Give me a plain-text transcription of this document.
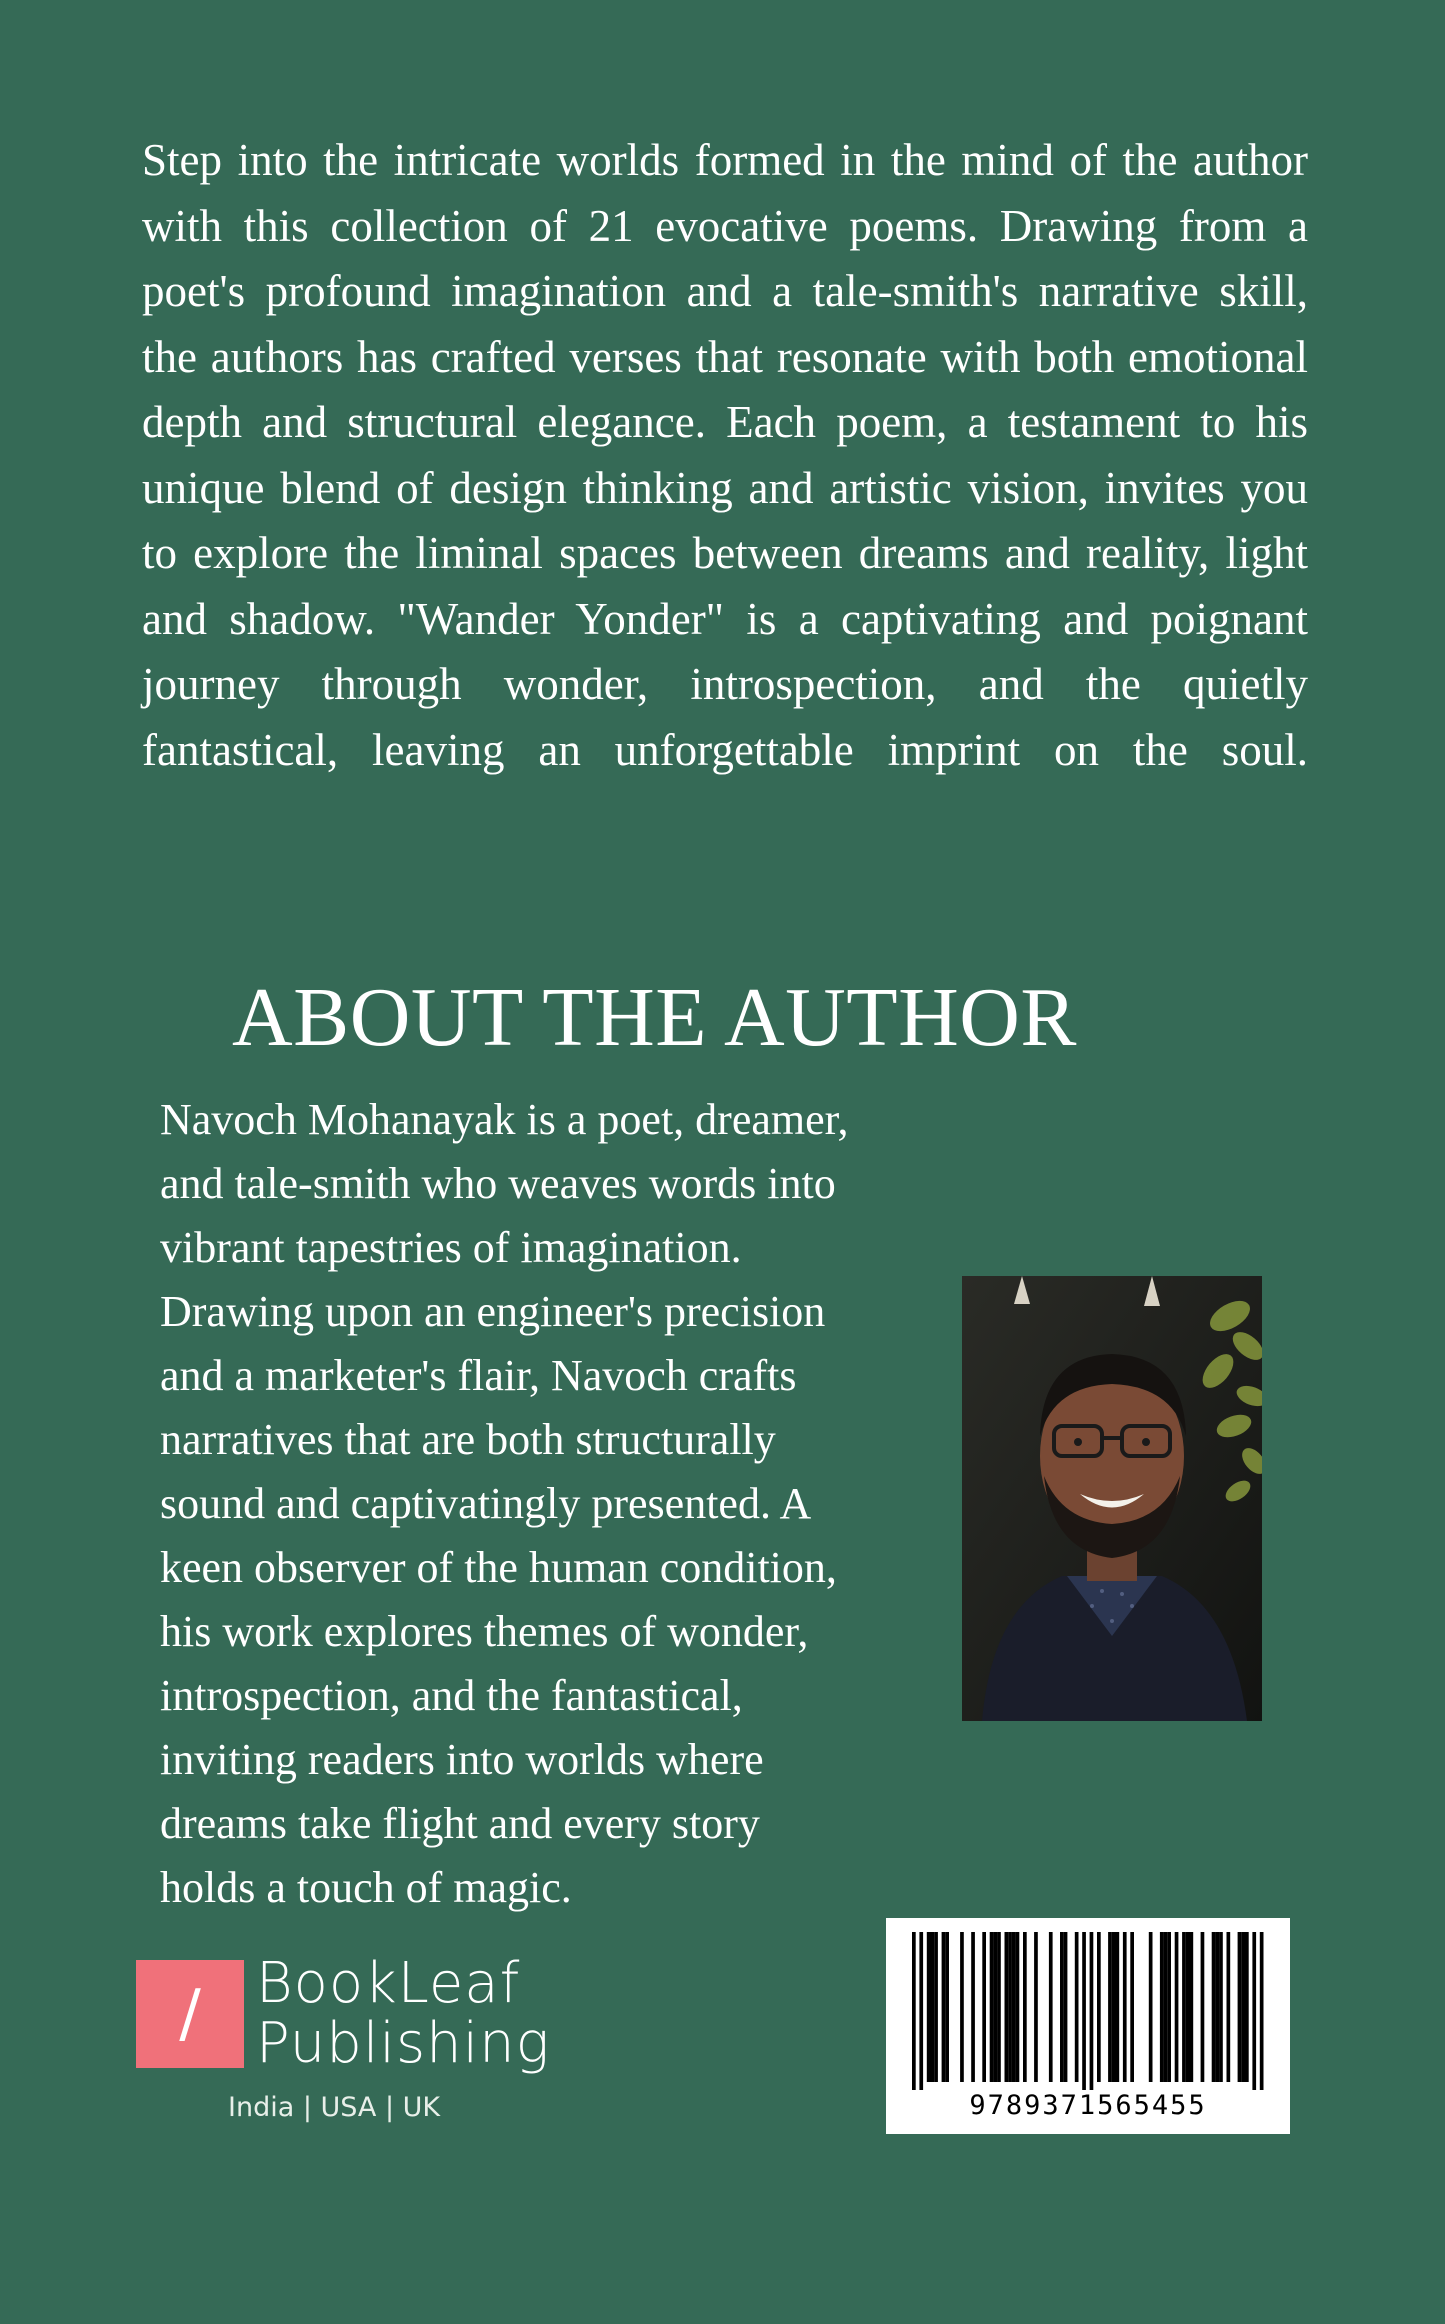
Step into the intricate worlds formed in the mind of the author with this collection of 21 evocative poems. Drawing from a poet's profound imagination and a tale-smith's narrative skill, the authors has crafted verses that resonate with both emotional depth and structural elegance. Each poem, a testament to his unique blend of design thinking and artistic vision, invites you to explore the liminal spaces between dreams and reality, light and shadow. "Wander Yonder" is a captivating and poignant journey through wonder, introspection, and the quietly fantastical, leaving an unforgettable imprint on the soul.

ABOUT THE AUTHOR
Navoch Mohanayak is a poet, dreamer,
and tale-smith who weaves words into
vibrant tapestries of imagination.
Drawing upon an engineer's precision
and a marketer's flair, Navoch crafts
narratives that are both structurally
sound and captivatingly presented. A
keen observer of the human condition,
his work explores themes of wonder,
introspection, and the fantastical,
inviting readers into worlds where
dreams take flight and every story
holds a touch of magic.
/ BookLeaf
Publishing
India | USA | UK	9789371565455
